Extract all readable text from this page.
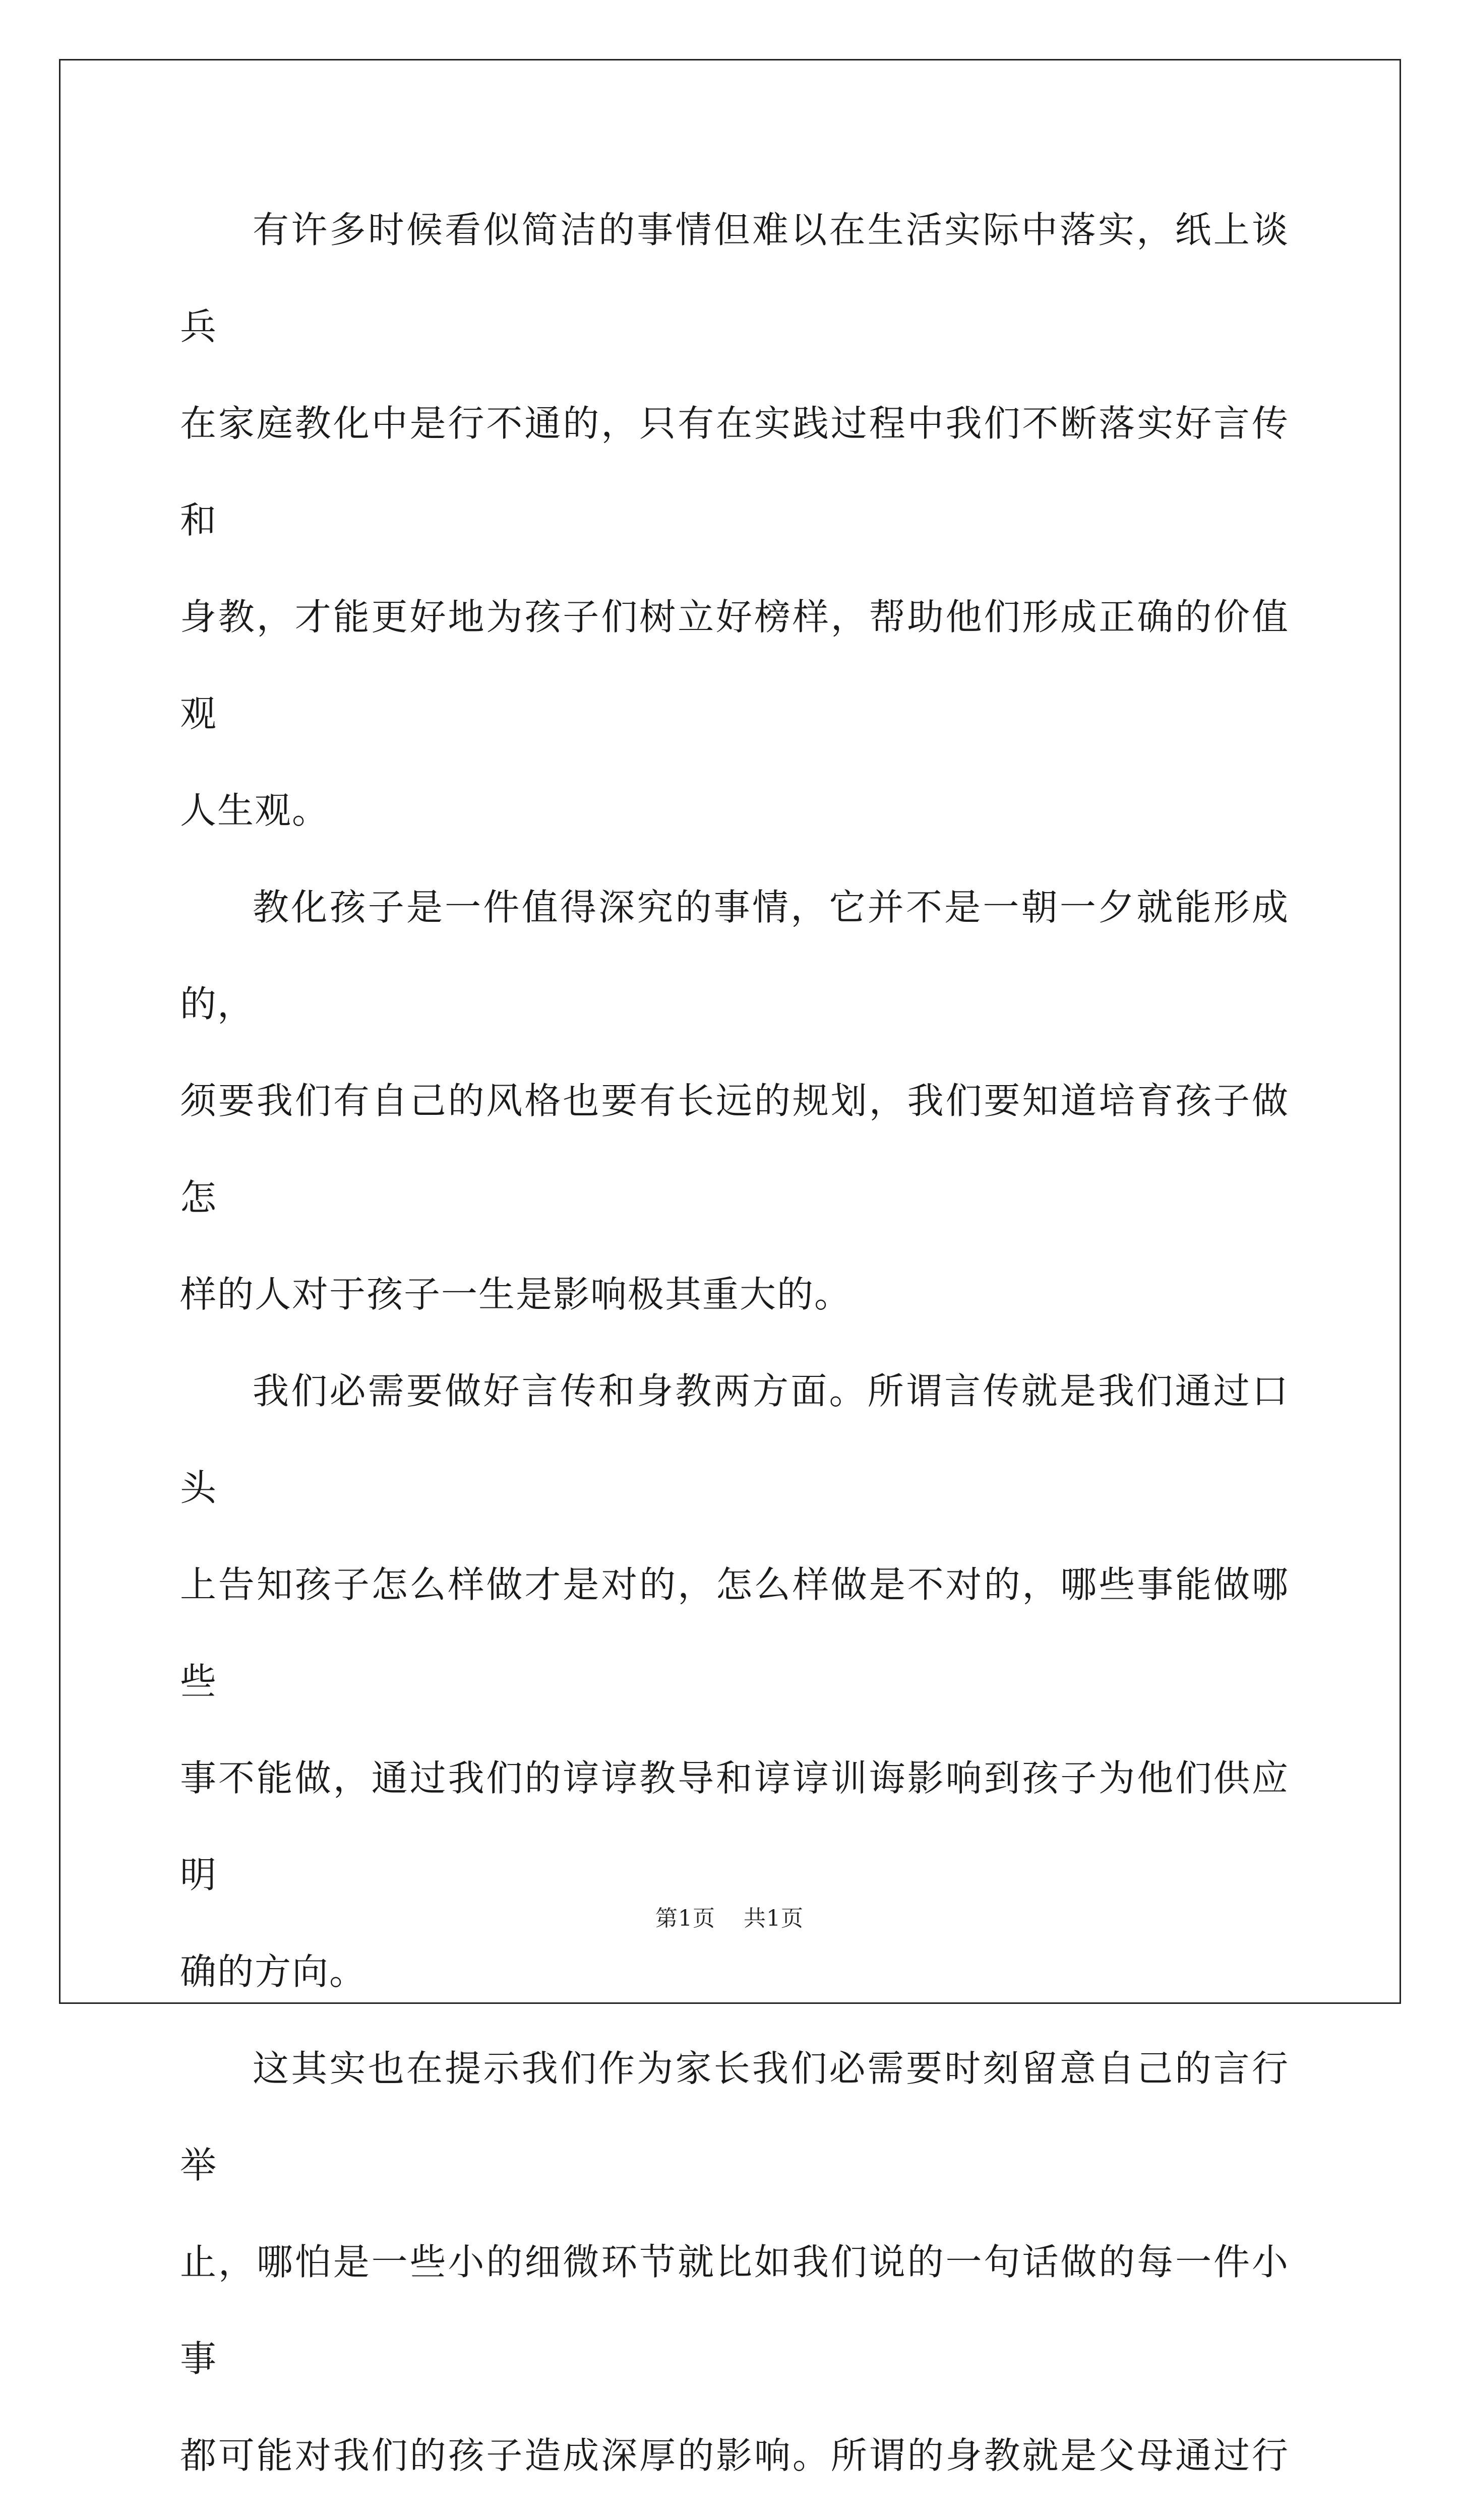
有许多时候看似简洁的事情但难以在生活实际中落实，纸上谈兵
在家庭教化中是行不通的，只有在实践过程中我们不断落实好言传和
身教，才能更好地为孩子们树立好榜样，帮助他们形成正确的价值观
人生观。

教化孩子是一件值得深究的事情，它并不是一朝一夕就能形成的，
须要我们有自己的风格也要有长远的规划，我们要知道培育孩子做怎
样的人对于孩子一生是影响极其重大的。

我们必需要做好言传和身教两方面。所谓言传就是我们通过口头
上告知孩子怎么样做才是对的，怎么样做是不对的，哪些事能做哪些
事不能做，通过我们的谆谆教导和谆谆训诲影响到孩子为他们供应明
确的方向。

这其实也在提示我们作为家长我们必需要时刻留意自己的言行举
止，哪怕是一些小的细微环节就比如我们说的一句话做的每一件小事
都可能对我们的孩子造成深厚的影响。所谓的身教就是父母通过行

第1页 共1页
